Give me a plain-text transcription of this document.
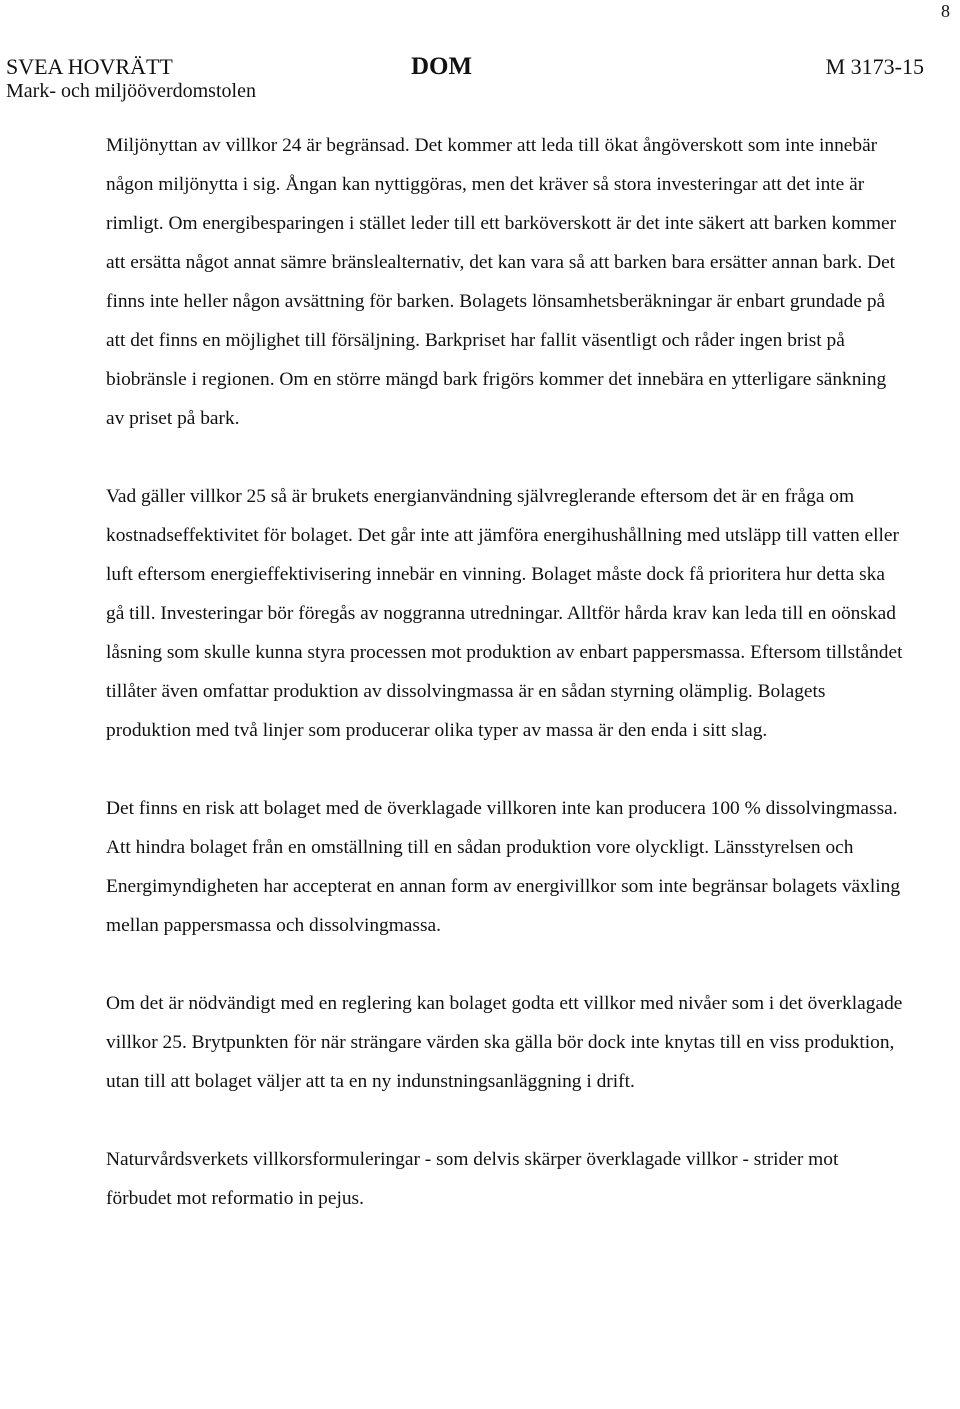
8
SVEA HOVRÄTT
Mark- och miljööverdomstolen
DOM	M 3173-15

Miljönyttan av villkor 24 är begränsad. Det kommer att leda till ökat ångöverskott som inte innebär någon miljönytta i sig. Ångan kan nyttiggöras, men det kräver så stora investeringar att det inte är rimligt. Om energibesparingen i stället leder till ett barköverskott är det inte säkert att barken kommer att ersätta något annat sämre bränslealternativ, det kan vara så att barken bara ersätter annan bark. Det finns inte heller någon avsättning för barken. Bolagets lönsamhetsberäkningar är enbart grundade på att det finns en möjlighet till försäljning. Barkpriset har fallit väsentligt och råder ingen brist på biobränsle i regionen. Om en större mängd bark frigörs kommer det innebära en ytterligare sänkning av priset på bark.

Vad gäller villkor 25 så är brukets energianvändning självreglerande eftersom det är en fråga om kostnadseffektivitet för bolaget. Det går inte att jämföra energihushållning med utsläpp till vatten eller luft eftersom energieffektivisering innebär en vinning. Bolaget måste dock få prioritera hur detta ska gå till. Investeringar bör föregås av noggranna utredningar. Alltför hårda krav kan leda till en oönskad låsning som skulle kunna styra processen mot produktion av enbart pappersmassa. Eftersom tillståndet tillåter även omfattar produktion av dissolvingmassa är en sådan styrning olämplig. Bolagets produktion med två linjer som producerar olika typer av massa är den enda i sitt slag.

Det finns en risk att bolaget med de överklagade villkoren inte kan producera 100 % dissolvingmassa. Att hindra bolaget från en omställning till en sådan produktion vore olyckligt. Länsstyrelsen och Energimyndigheten har accepterat en annan form av energivillkor som inte begränsar bolagets växling mellan pappersmassa och dissolvingmassa.

Om det är nödvändigt med en reglering kan bolaget godta ett villkor med nivåer som i det överklagade villkor 25. Brytpunkten för när strängare värden ska gälla bör dock inte knytas till en viss produktion, utan till att bolaget väljer att ta en ny indunstningsanläggning i drift.

Naturvårdsverkets villkorsformuleringar - som delvis skärper överklagade villkor - strider mot förbudet mot reformatio in pejus.
